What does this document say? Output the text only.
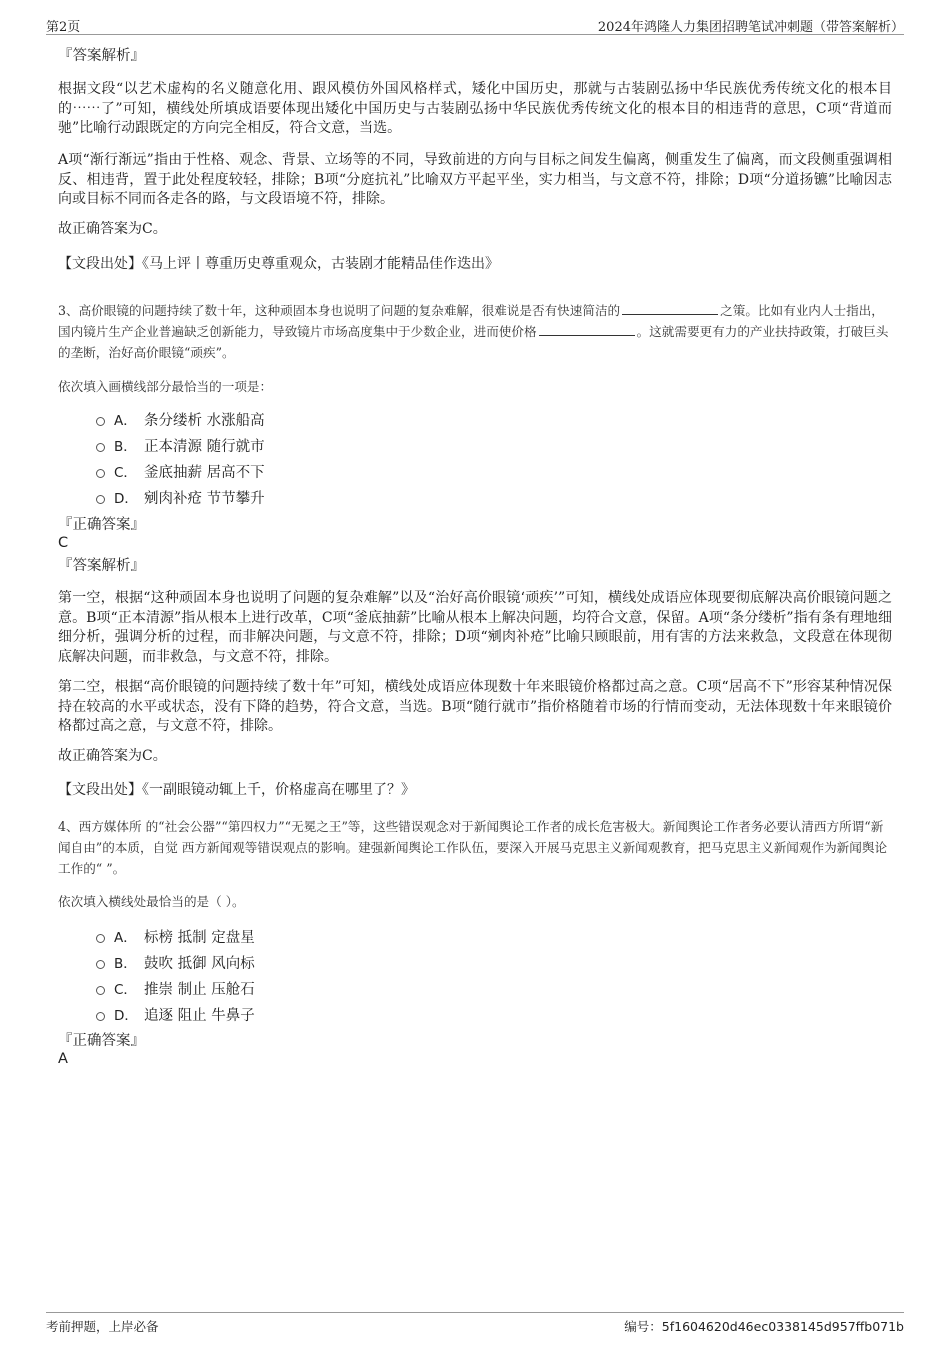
第2页	2024年鸿隆人力集团招聘笔试冲刺题（带答案解析）
『答案解析』
根据文段“以艺术虚构的名义随意化用、跟风模仿外国风格样式，矮化中国历史，那就与古装剧弘扬中华民族优秀传统文化的根本目的⋯⋯了”可知，横线处所填成语要体现出矮化中国历史与古装剧弘扬中华民族优秀传统文化的根本目的相违背的意思，C项“背道而驰”比喻行动跟既定的方向完全相反，符合文意，当选。
A项“渐行渐远”指由于性格、观念、背景、立场等的不同，导致前进的方向与目标之间发生偏离，侧重发生了偏离，而文段侧重强调相反、相违背，置于此处程度较轻，排除；B项“分庭抗礼”比喻双方平起平坐，实力相当，与文意不符，排除；D项“分道扬镳”比喻因志向或目标不同而各走各的路，与文段语境不符，排除。
故正确答案为C。
【文段出处】《马上评丨尊重历史尊重观众，古装剧才能精品佳作迭出》
3、高价眼镜的问题持续了数十年，这种顽固本身也说明了问题的复杂难解，很难说是否有快速简洁的	之策。比如有业内人士指出，国内镜片生产企业普遍缺乏创新能力，导致镜片市场高度集中于少数企业，进而使价格	。这就需要更有力的产业扶持政策，打破巨头的垄断，治好高价眼镜“顽疾”。
依次填入画横线部分最恰当的一项是：
A． 条分缕析 水涨船高
B． 正本清源 随行就市
C． 釜底抽薪 居高不下
D． 剜肉补疮 节节攀升
『正确答案』
C
『答案解析』
第一空，根据“这种顽固本身也说明了问题的复杂难解”以及“治好高价眼镜‘顽疾’”可知，横线处成语应体现要彻底解决高价眼镜问题之意。B项“正本清源”指从根本上进行改革，C项“釜底抽薪”比喻从根本上解决问题，均符合文意，保留。A项“条分缕析”指有条有理地细细分析，强调分析的过程，而非解决问题，与文意不符，排除；D项“剜肉补疮”比喻只顾眼前，用有害的方法来救急，文段意在体现彻底解决问题，而非救急，与文意不符，排除。
第二空，根据“高价眼镜的问题持续了数十年”可知，横线处成语应体现数十年来眼镜价格都过高之意。C项“居高不下”形容某种情况保持在较高的水平或状态，没有下降的趋势，符合文意，当选。B项“随行就市”指价格随着市场的行情而变动，无法体现数十年来眼镜价格都过高之意，与文意不符，排除。
故正确答案为C。
【文段出处】《一副眼镜动辄上千，价格虚高在哪里了？》
4、西方媒体所 的“社会公器”“第四权力”“无冕之王”等，这些错误观念对于新闻舆论工作者的成长危害极大。新闻舆论工作者务必要认清西方所谓“新闻自由”的本质，自觉 西方新闻观等错误观点的影响。建强新闻舆论工作队伍，要深入开展马克思主义新闻观教育，把马克思主义新闻观作为新闻舆论工作的“ ”。
依次填入横线处最恰当的是（ ）。
A． 标榜 抵制 定盘星
B． 鼓吹 抵御 风向标
C． 推崇 制止 压舱石
D． 追逐 阻止 牛鼻子
『正确答案』
A
考前押题，上岸必备	编号：5f1604620d46ec0338145d957ffb071b
